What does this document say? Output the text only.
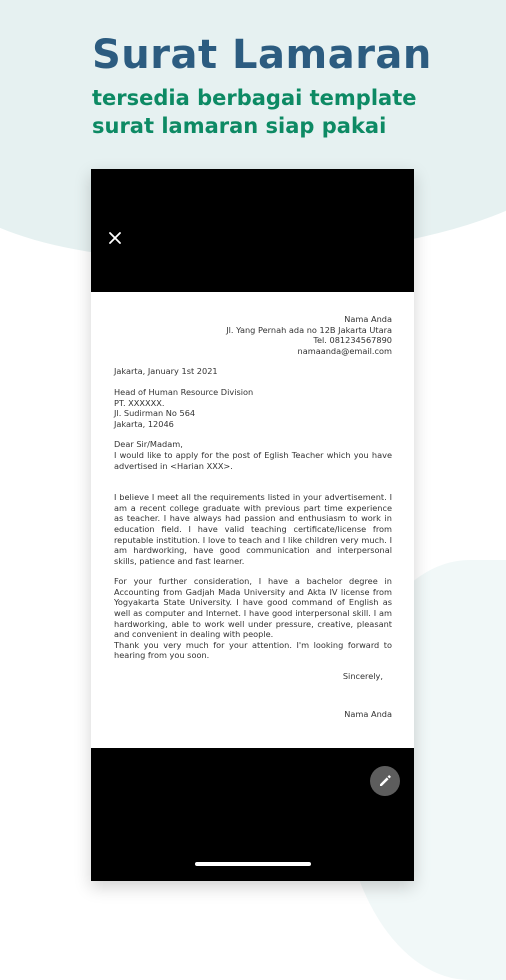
Surat Lamaran

tersedia berbagai template

surat lamaran siap pakai

Nama Anda
Jl. Yang Pernah ada no 12B Jakarta Utara
Tel. 081234567890
namaanda@email.com
Jakarta, January 1st 2021
Head of Human Resource Division
PT. XXXXXX.
Jl. Sudirman No 564
Jakarta, 12046
Dear Sir/Madam,
I would like to apply for the post of Eglish Teacher which you have advertised in <Harian XXX>.
I believe I meet all the requirements listed in your advertisement. I am a recent college graduate with previous part time experience as teacher. I have always had passion and enthusiasm to work in education field. I have valid teaching certificate/license from reputable institution. I love to teach and I like children very much. I am hardworking, have good communication and interpersonal skills, patience and fast learner.
For your further consideration, I have a bachelor degree in Accounting from Gadjah Mada University and Akta IV license from Yogyakarta State University. I have good command of English as well as computer and Internet. I have good interpersonal skill. I am hardworking, able to work well under pressure, creative, pleasant and convenient in dealing with people.
Thank you very much for your attention. I'm looking forward to hearing from you soon.
Sincerely,
Nama Anda
